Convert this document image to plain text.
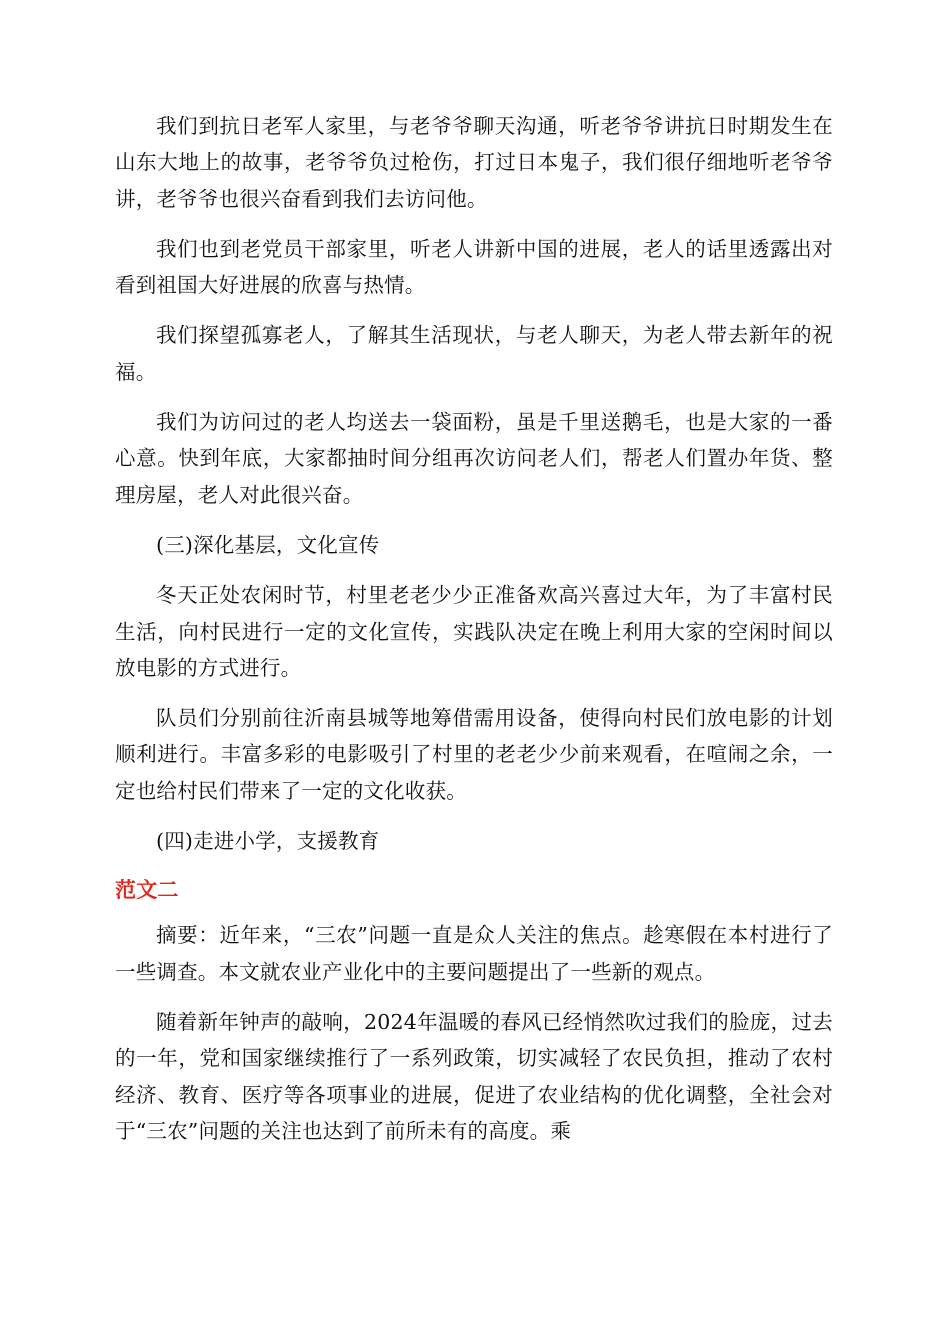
我们到抗日老军人家里，与老爷爷聊天沟通，听老爷爷讲抗日时期发生在山东大地上的故事，老爷爷负过枪伤，打过日本鬼子，我们很仔细地听老爷爷讲，老爷爷也很兴奋看到我们去访问他。

我们也到老党员干部家里，听老人讲新中国的进展，老人的话里透露出对看到祖国大好进展的欣喜与热情。

我们探望孤寡老人，了解其生活现状，与老人聊天，为老人带去新年的祝福。

我们为访问过的老人均送去一袋面粉，虽是千里送鹅毛，也是大家的一番心意。快到年底，大家都抽时间分组再次访问老人们，帮老人们置办年货、整理房屋，老人对此很兴奋。

(三)深化基层，文化宣传

冬天正处农闲时节，村里老老少少正准备欢高兴喜过大年，为了丰富村民生活，向村民进行一定的文化宣传，实践队决定在晚上利用大家的空闲时间以放电影的方式进行。

队员们分别前往沂南县城等地筹借需用设备，使得向村民们放电影的计划顺利进行。丰富多彩的电影吸引了村里的老老少少前来观看，在喧闹之余，一定也给村民们带来了一定的文化收获。

(四)走进小学，支援教育

范文二

摘要：近年来，“三农”问题一直是众人关注的焦点。趁寒假在本村进行了一些调查。本文就农业产业化中的主要问题提出了一些新的观点。

随着新年钟声的敲响，2024年温暖的春风已经悄然吹过我们的脸庞，过去的一年，党和国家继续推行了一系列政策，切实减轻了农民负担，推动了农村经济、教育、医疗等各项事业的进展，促进了农业结构的优化调整，全社会对于“三农”问题的关注也达到了前所未有的高度。乘
